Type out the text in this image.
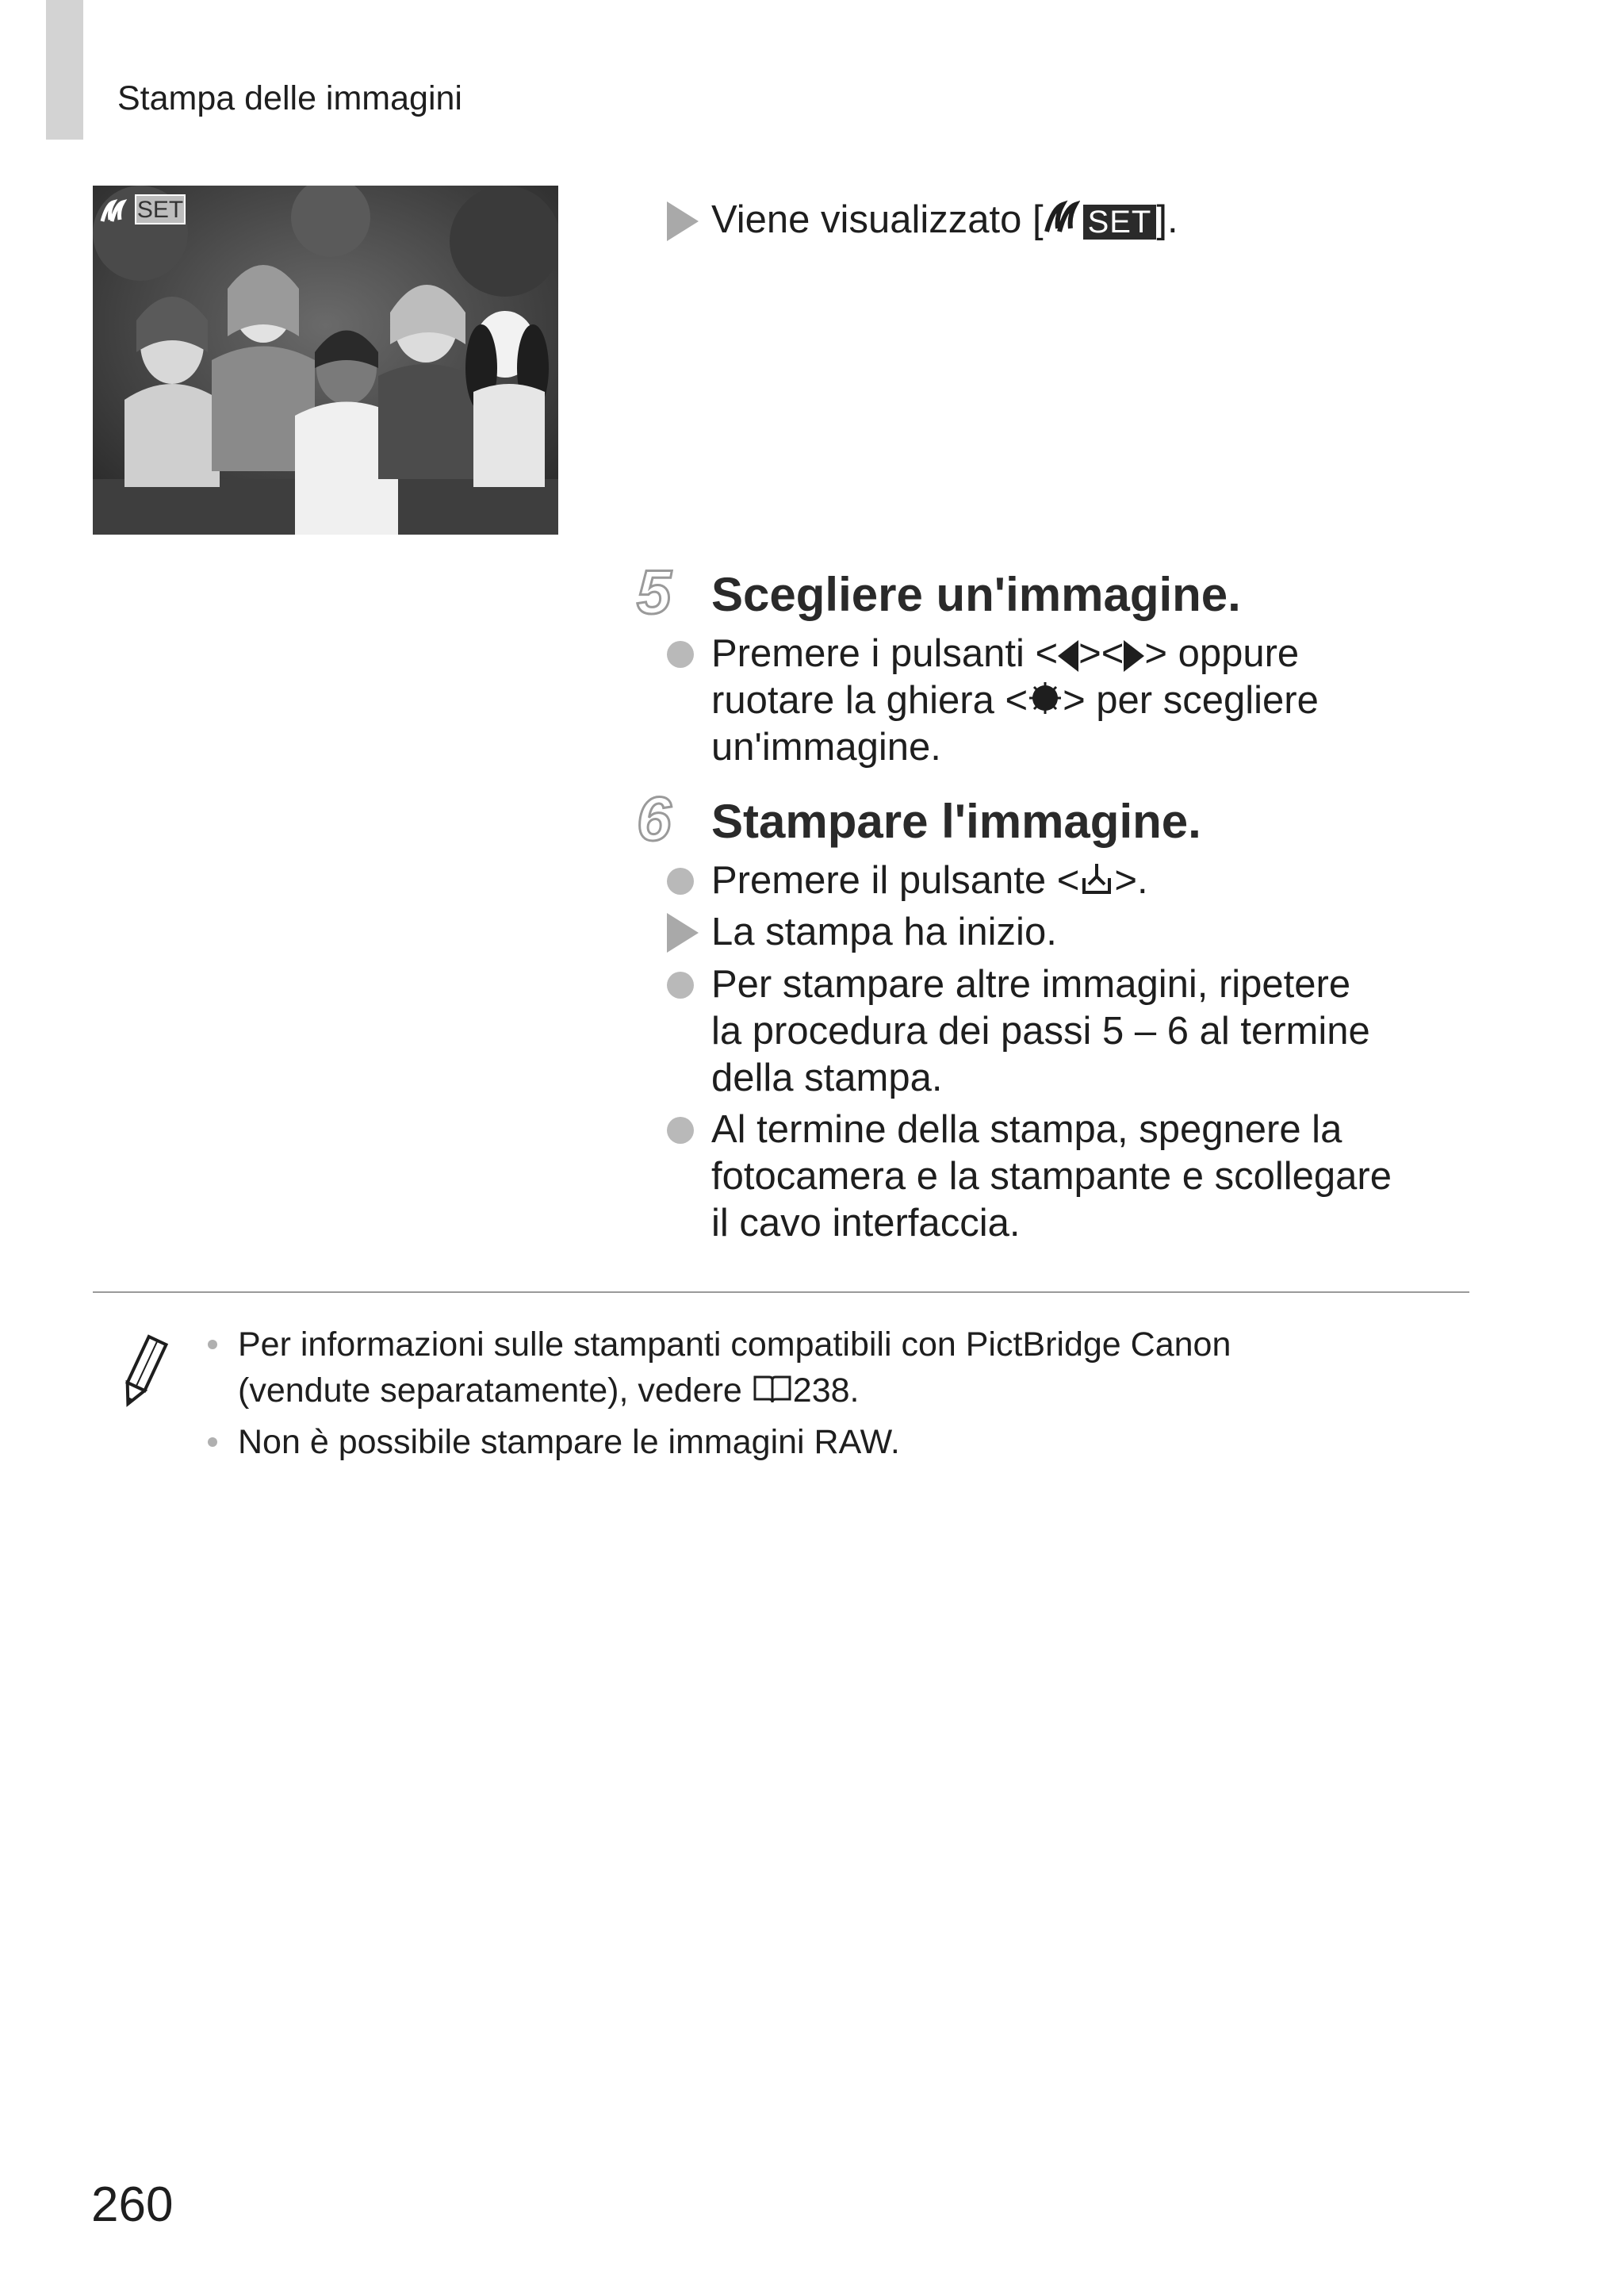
Stampa delle immagini
SET	Viene visualizzato [ SET ].
5 Scegliere un'immagine.
Premere i pulsanti < >< > oppure
ruotare la ghiera < > per scegliere
un'immagine.
6 Stampare l'immagine.
Premere il pulsante < >.
La stampa ha inizio.
Per stampare altre immagini, ripetere
la procedura dei passi 5 – 6 al termine
della stampa.
Al termine della stampa, spegnere la
fotocamera e la stampante e scollegare
il cavo interfaccia.
Per informazioni sulle stampanti compatibili con PictBridge Canon
(vendute separatamente), vedere 238.
Non è possibile stampare le immagini RAW.
260
